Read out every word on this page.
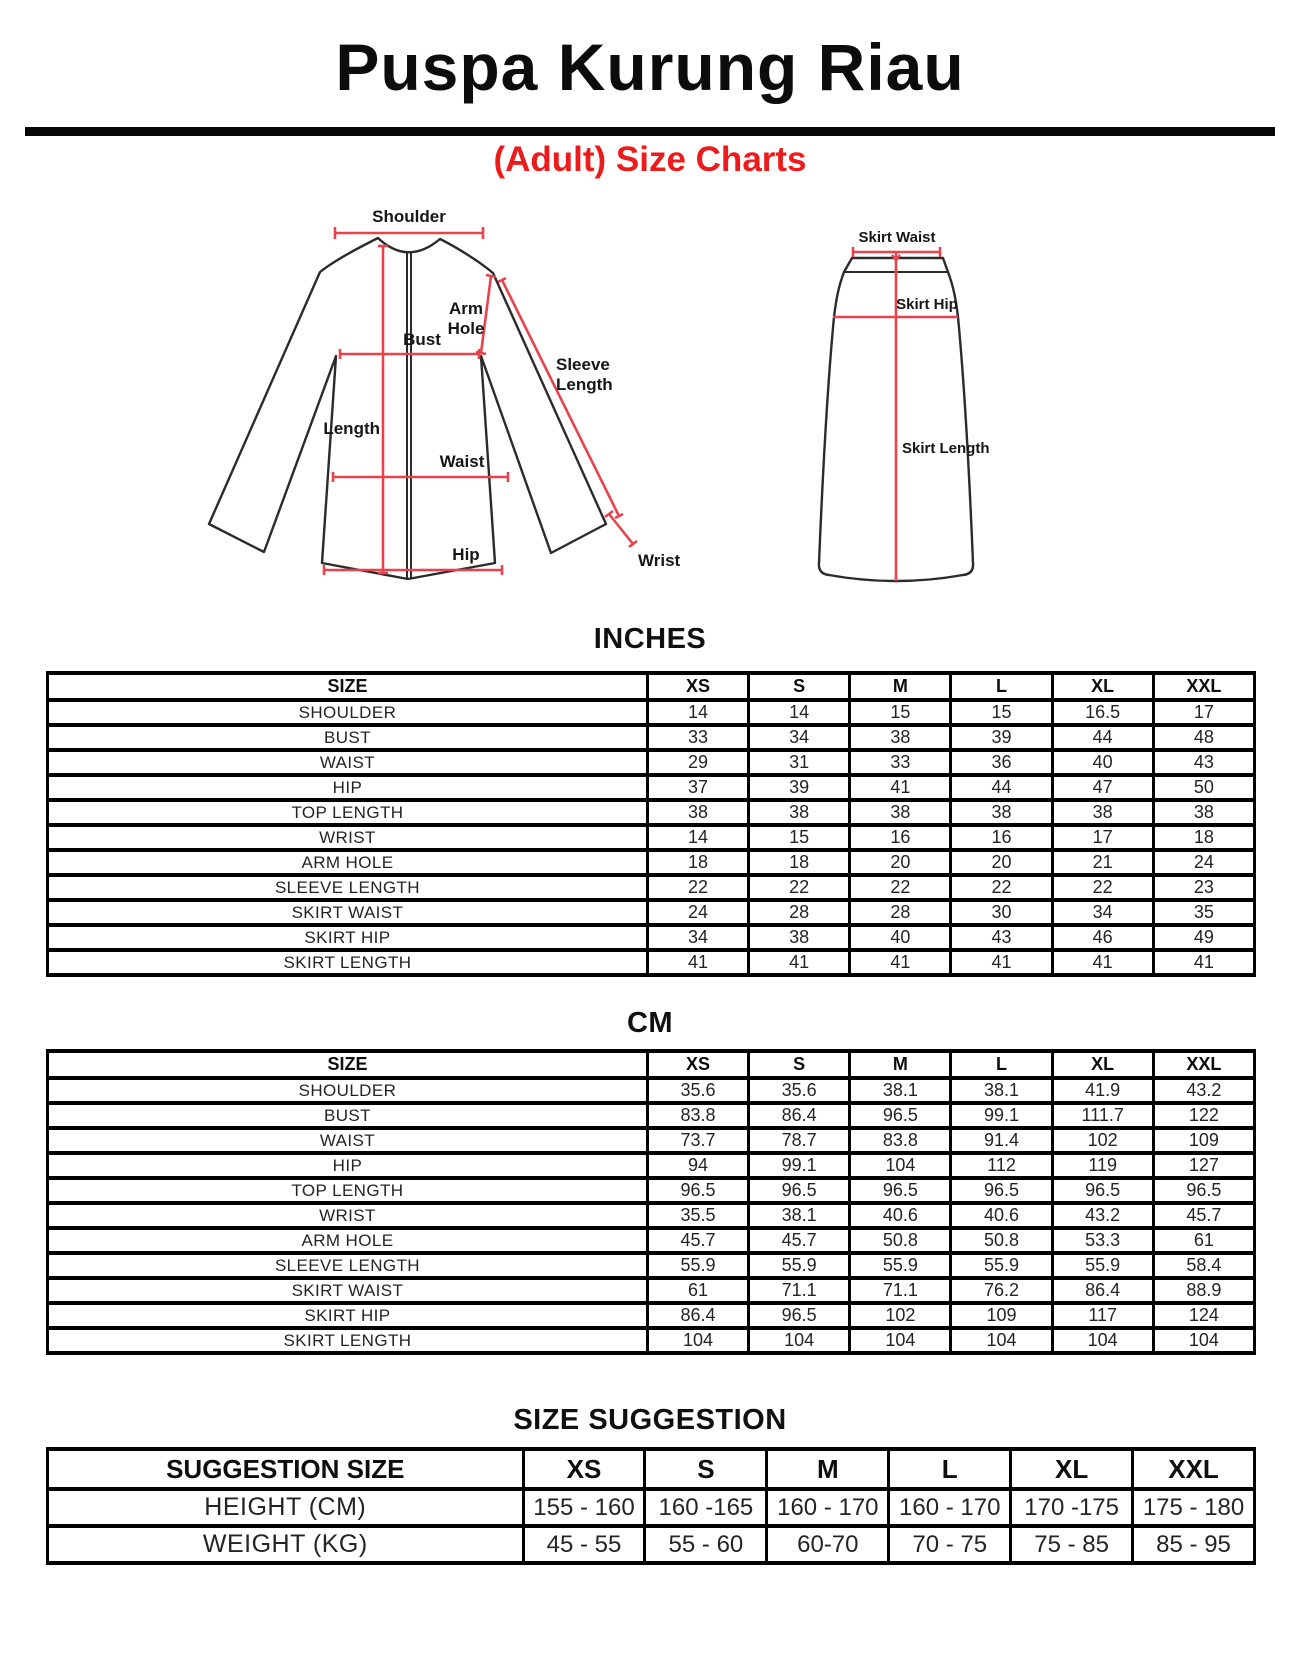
Puspa Kurung Riau
(Adult) Size Charts
Shoulder
Length
Bust
Arm
Hole
Sleeve
Length
Waist
Hip	Wrist
Skirt Waist
Skirt Length
Skirt Hip
INCHES
SIZE	XS	S	M	L	XL	XXL
SHOULDER	14	14	15	15	16.5	17
BUST	33	34	38	39	44	48
WAIST	29	31	33	36	40	43
HIP	37	39	41	44	47	50
TOP LENGTH	38	38	38	38	38	38
WRIST	14	15	16	16	17	18
ARM HOLE	18	18	20	20	21	24
SLEEVE LENGTH	22	22	22	22	22	23
SKIRT WAIST	24	28	28	30	34	35
SKIRT HIP	34	38	40	43	46	49
SKIRT LENGTH	41	41	41	41	41	41
CM
SIZE	XS	S	M	L	XL	XXL
SHOULDER	35.6	35.6	38.1	38.1	41.9	43.2
BUST	83.8	86.4	96.5	99.1	111.7	122
WAIST	73.7	78.7	83.8	91.4	102	109
HIP	94	99.1	104	112	119	127
TOP LENGTH	96.5	96.5	96.5	96.5	96.5	96.5
WRIST	35.5	38.1	40.6	40.6	43.2	45.7
ARM HOLE	45.7	45.7	50.8	50.8	53.3	61
SLEEVE LENGTH	55.9	55.9	55.9	55.9	55.9	58.4
SKIRT WAIST	61	71.1	71.1	76.2	86.4	88.9
SKIRT HIP	86.4	96.5	102	109	117	124
SKIRT LENGTH	104	104	104	104	104	104
SIZE SUGGESTION
SUGGESTION SIZE	XS	S	M	L	XL	XXL
HEIGHT (CM)	155 - 160	160 -165	160 - 170	160 - 170	170 -175	175 - 180
WEIGHT (KG)	45 - 55	55 - 60	60-70	70 - 75	75 - 85	85 - 95
